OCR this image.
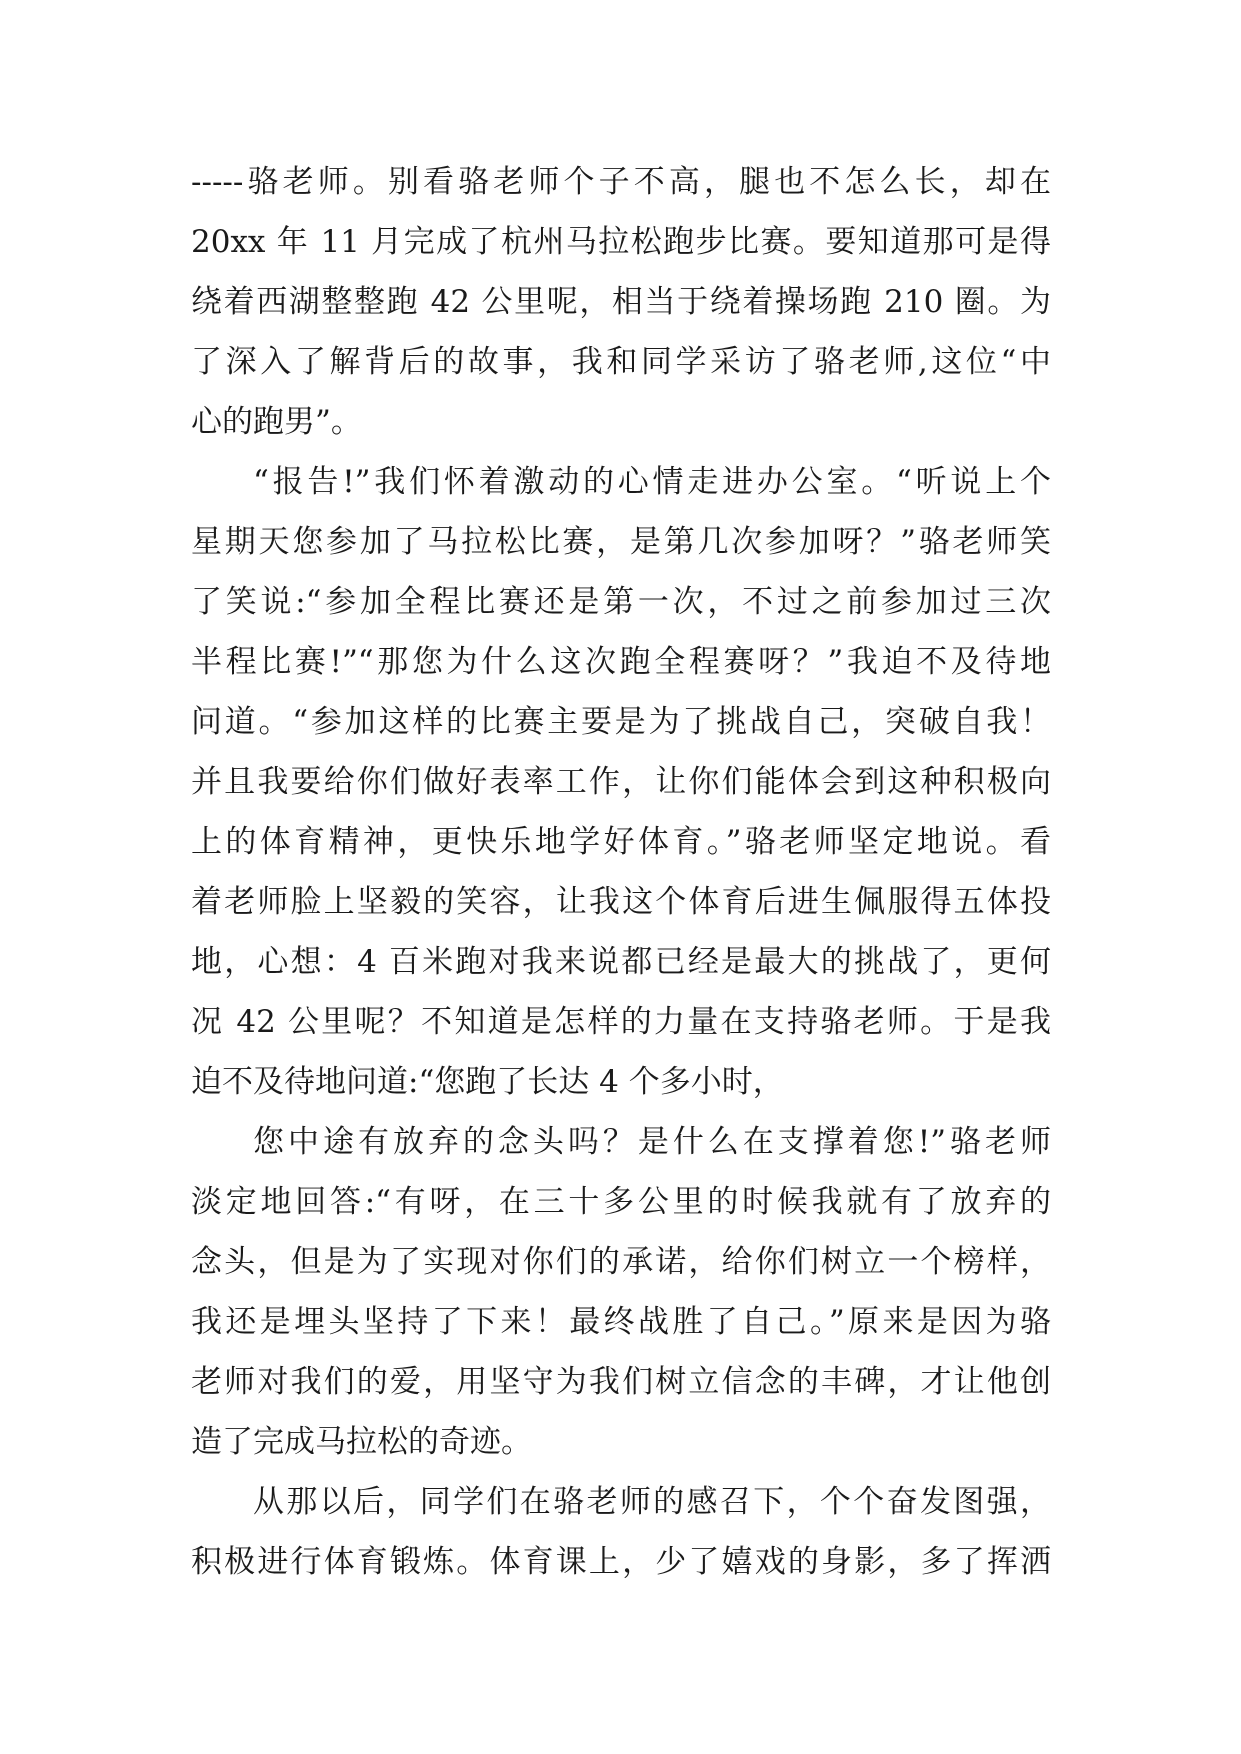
-----骆老师。别看骆老师个子不高，腿也不怎么长，却在
20xx 年 11 月完成了杭州马拉松跑步比赛。要知道那可是得
绕着西湖整整跑 42 公里呢，相当于绕着操场跑 210 圈。为
了深入了解背后的故事，我和同学采访了骆老师,这位“中
心的跑男”。
“报告!”我们怀着激动的心情走进办公室。“听说上个
星期天您参加了马拉松比赛，是第几次参加呀？”骆老师笑
了笑说:“参加全程比赛还是第一次，不过之前参加过三次
半程比赛!”“那您为什么这次跑全程赛呀？”我迫不及待地
问道。“参加这样的比赛主要是为了挑战自己，突破自我！
并且我要给你们做好表率工作，让你们能体会到这种积极向
上的体育精神，更快乐地学好体育。”骆老师坚定地说。看
着老师脸上坚毅的笑容，让我这个体育后进生佩服得五体投
地，心想：4 百米跑对我来说都已经是最大的挑战了，更何
况 42 公里呢？不知道是怎样的力量在支持骆老师。于是我
迫不及待地问道:“您跑了长达 4 个多小时，
您中途有放弃的念头吗？是什么在支撑着您!”骆老师
淡定地回答:“有呀，在三十多公里的时候我就有了放弃的
念头，但是为了实现对你们的承诺，给你们树立一个榜样，
我还是埋头坚持了下来！最终战胜了自己。”原来是因为骆
老师对我们的爱，用坚守为我们树立信念的丰碑，才让他创
造了完成马拉松的奇迹。
从那以后，同学们在骆老师的感召下，个个奋发图强，
积极进行体育锻炼。体育课上，少了嬉戏的身影，多了挥洒
